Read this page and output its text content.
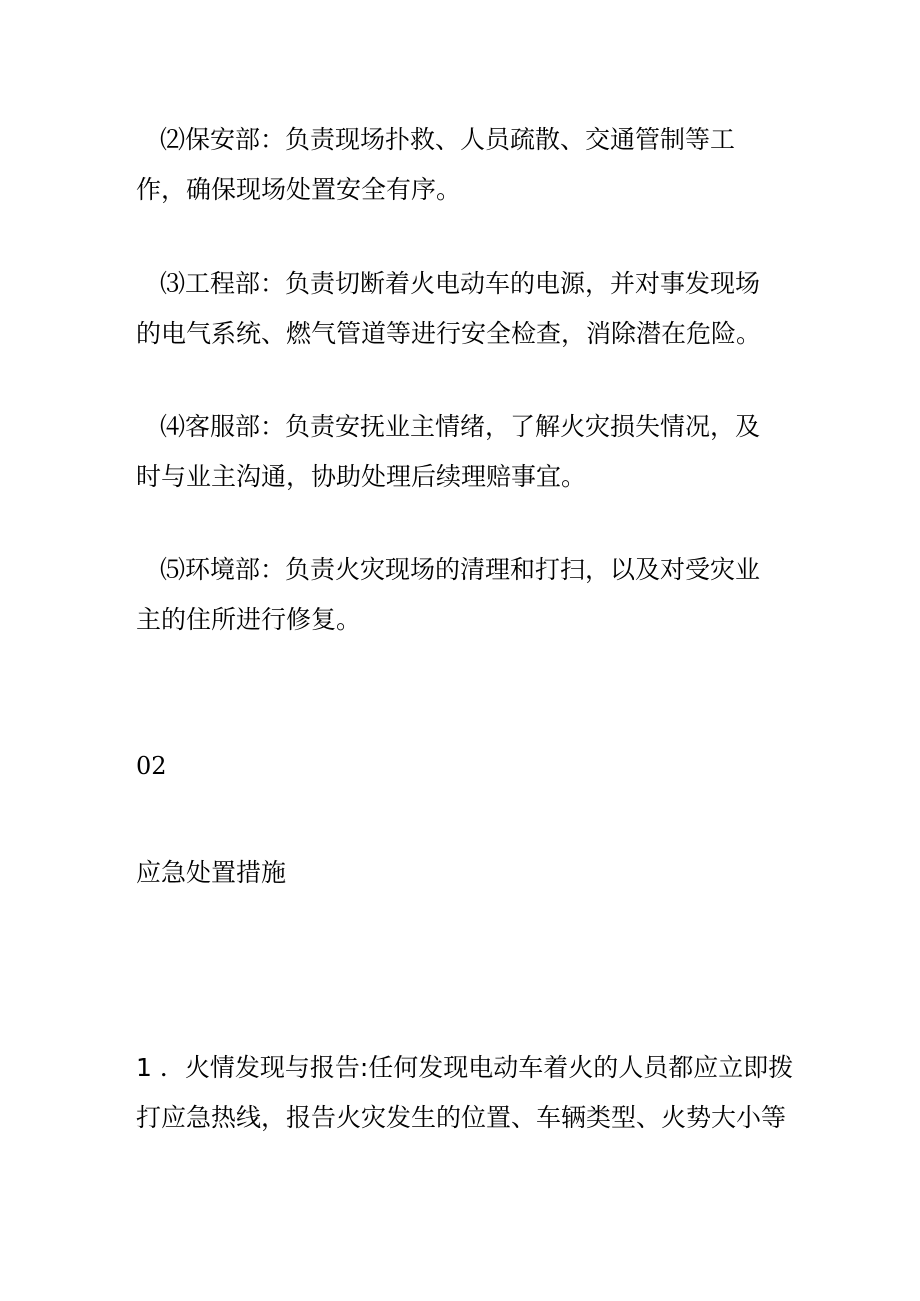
⑵保安部：负责现场扑救、人员疏散、交通管制等工
作，确保现场处置安全有序。

⑶工程部：负责切断着火电动车的电源，并对事发现场
的电气系统、燃气管道等进行安全检查，消除潜在危险。

⑷客服部：负责安抚业主情绪，了解火灾损失情况，及
时与业主沟通，协助处理后续理赔事宜。

⑸环境部：负责火灾现场的清理和打扫，以及对受灾业
主的住所进行修复。

02
应急处置措施

1 ．火情发现与报告:任何发现电动车着火的人员都应立即拨
打应急热线，报告火灾发生的位置、车辆类型、火势大小等
